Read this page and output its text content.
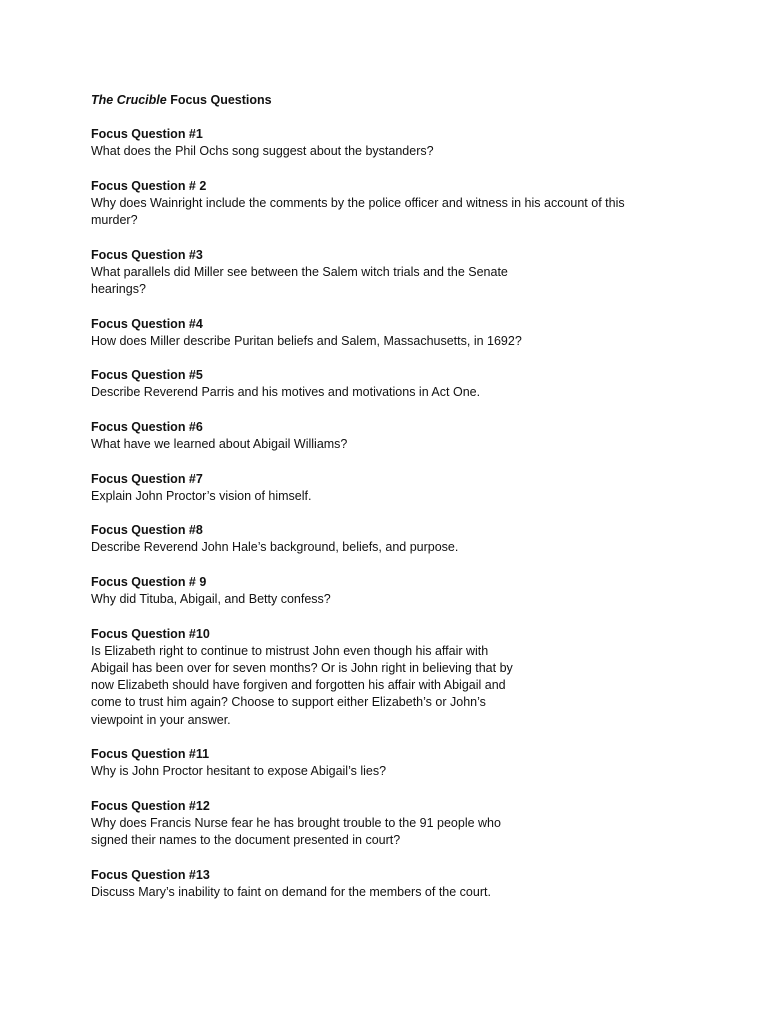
The Crucible Focus Questions
Focus Question #1
What does the Phil Ochs song suggest about the bystanders?
Focus Question # 2
Why does Wainright include the comments by the police officer and witness in his account of this
murder?
Focus Question #3
What parallels did Miller see between the Salem witch trials and the Senate
hearings?
Focus Question #4
How does Miller describe Puritan beliefs and Salem, Massachusetts, in 1692?
Focus Question #5
Describe Reverend Parris and his motives and motivations in Act One.
Focus Question #6
What have we learned about Abigail Williams?
Focus Question #7
Explain John Proctor’s vision of himself.
Focus Question #8
Describe Reverend John Hale’s background, beliefs, and purpose.
Focus Question # 9
Why did Tituba, Abigail, and Betty confess?
Focus Question #10
Is Elizabeth right to continue to mistrust John even though his affair with
Abigail has been over for seven months? Or is John right in believing that by
now Elizabeth should have forgiven and forgotten his affair with Abigail and
come to trust him again? Choose to support either Elizabeth’s or John’s
viewpoint in your answer.
Focus Question #11
Why is John Proctor hesitant to expose Abigail’s lies?
Focus Question #12
Why does Francis Nurse fear he has brought trouble to the 91 people who
signed their names to the document presented in court?
Focus Question #13
Discuss Mary’s inability to faint on demand for the members of the court.
